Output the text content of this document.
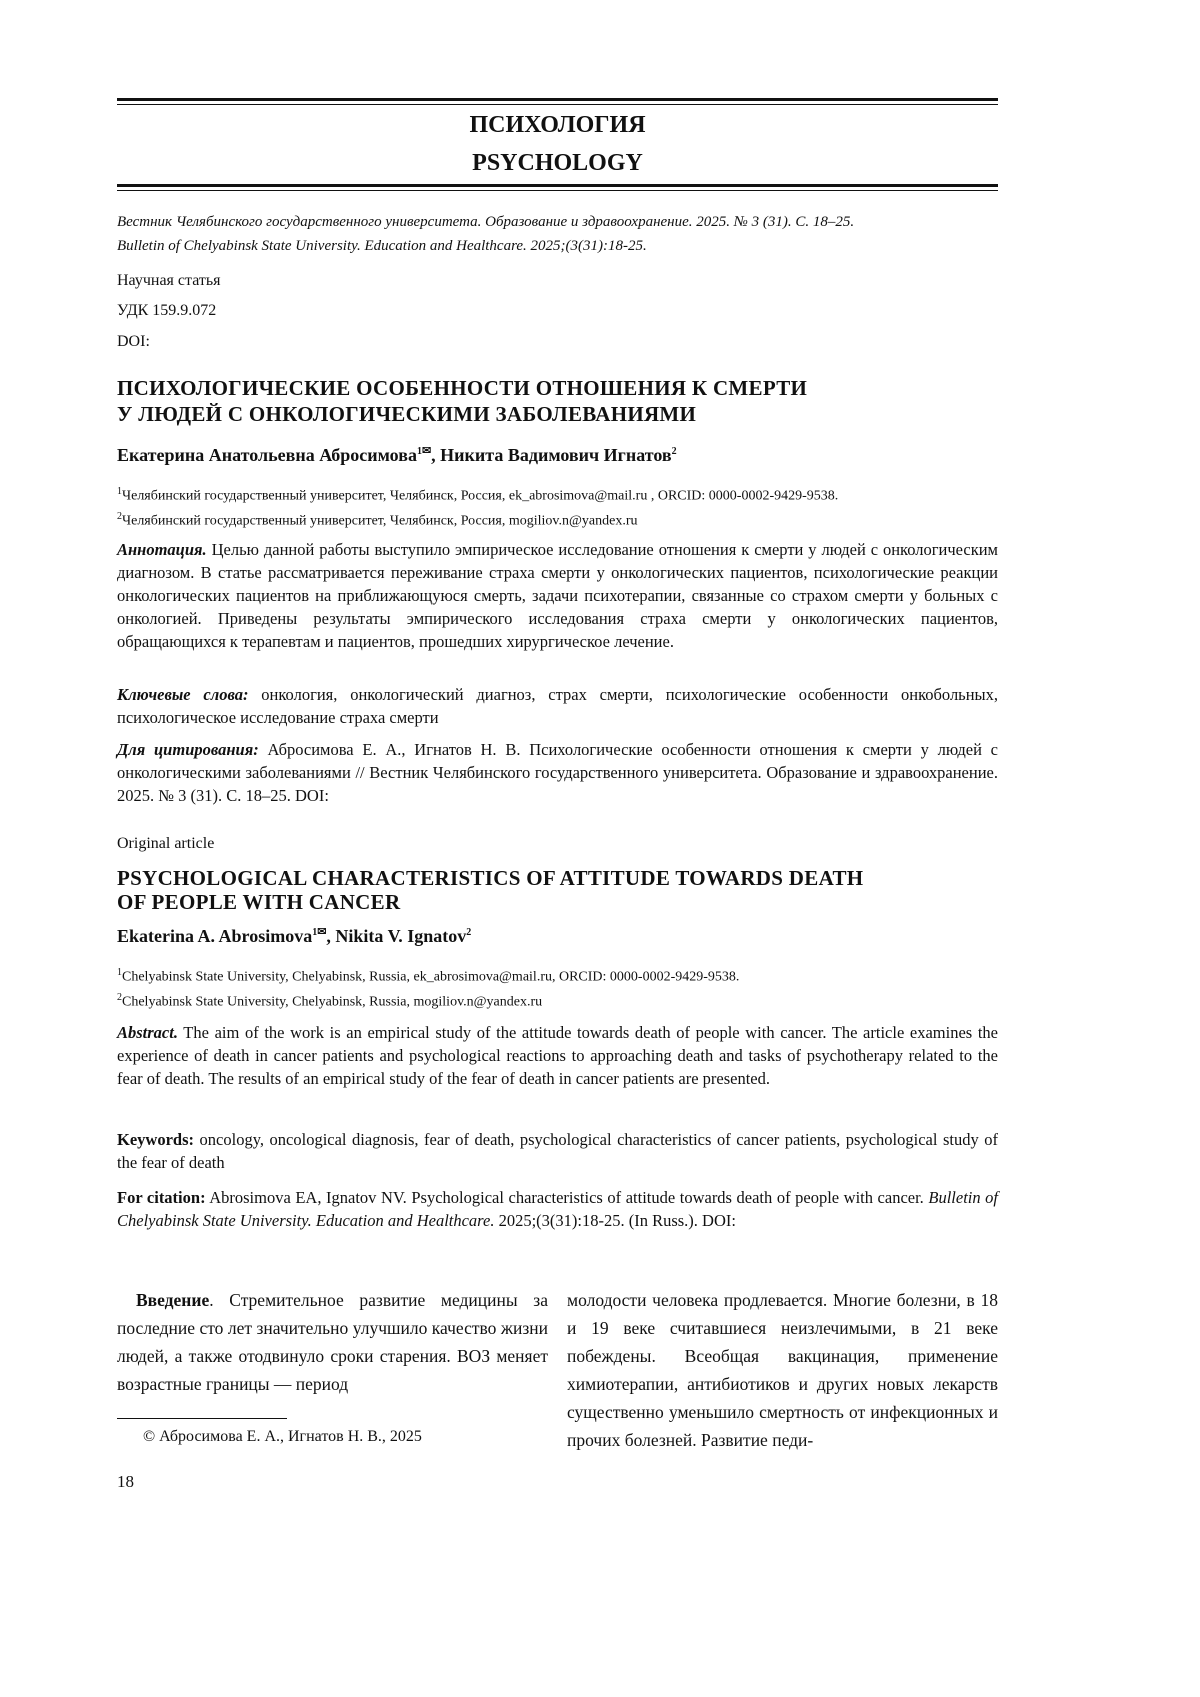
ПСИХОЛОГИЯ
PSYCHOLOGY
Вестник Челябинского государственного университета. Образование и здравоохранение. 2025. № 3 (31). С. 18–25.
Bulletin of Chelyabinsk State University. Education and Healthcare. 2025;(3(31):18-25.
Научная статья
УДК 159.9.072
DOI:
ПСИХОЛОГИЧЕСКИЕ ОСОБЕННОСТИ ОТНОШЕНИЯ К СМЕРТИ
У ЛЮДЕЙ С ОНКОЛОГИЧЕСКИМИ ЗАБОЛЕВАНИЯМИ
Екатерина Анатольевна Абросимова$^{1✉}$, Никита Вадимович Игнатов$^2$
$^1$Челябинский государственный университет, Челябинск, Россия, ek_abrosimova@mail.ru , ORCID: 0000-0002-9429-9538.
$^2$Челябинский государственный университет, Челябинск, Россия, mogiliov.n@yandex.ru
Аннотация. Целью данной работы выступило эмпирическое исследование отношения к смерти у людей с онкологическим диагнозом. В статье рассматривается переживание страха смерти у онкологических пациентов, психологические реакции онкологических пациентов на приближающуюся смерть, задачи психотерапии, связанные со страхом смерти у больных с онкологией. Приведены результаты эмпирического исследования страха смерти у онкологических пациентов, обращающихся к терапевтам и пациентов, прошедших хирургическое лечение.
Ключевые слова: онкология, онкологический диагноз, страх смерти, психологические особенности онкобольных, психологическое исследование страха смерти
Для цитирования: Абросимова Е. А., Игнатов Н. В. Психологические особенности отношения к смерти у людей с онкологическими заболеваниями // Вестник Челябинского государственного университета. Образование и здравоохранение. 2025. № 3 (31). С. 18–25. DOI:
Original article
PSYCHOLOGICAL CHARACTERISTICS OF ATTITUDE TOWARDS DEATH
OF PEOPLE WITH CANCER
Ekaterina A. Abrosimova$^{1✉}$, Nikita V. Ignatov$^2$
$^1$Chelyabinsk State University, Chelyabinsk, Russia, ek_abrosimova@mail.ru, ORCID: 0000-0002-9429-9538.
$^2$Chelyabinsk State University, Chelyabinsk, Russia, mogiliov.n@yandex.ru
Abstract. The aim of the work is an empirical study of the attitude towards death of people with cancer. The article examines the experience of death in cancer patients and psychological reactions to approaching death and tasks of psychotherapy related to the fear of death. The results of an empirical study of the fear of death in cancer patients are presented.
Keywords: oncology, oncological diagnosis, fear of death, psychological characteristics of cancer patients, psychological study of the fear of death
For citation: Abrosimova EA, Ignatov NV. Psychological characteristics of attitude towards death of people with cancer. Bulletin of Chelyabinsk State University. Education and Healthcare. 2025;(3(31):18-25. (In Russ.). DOI:
Введение. Стремительное развитие медицины за последние сто лет значительно улучшило качество жизни людей, а также отодвинуло сроки старения. ВОЗ меняет возрастные границы — период
молодости человека продлевается. Многие болезни, в 18 и 19 веке считавшиеся неизлечимыми, в 21 веке побеждены. Всеобщая вакцинация, применение химиотерапии, антибиотиков и других новых лекарств существенно уменьшило смертность от инфекционных и прочих болезней. Развитие педи-
© Абросимова Е. А., Игнатов Н. В., 2025
18
